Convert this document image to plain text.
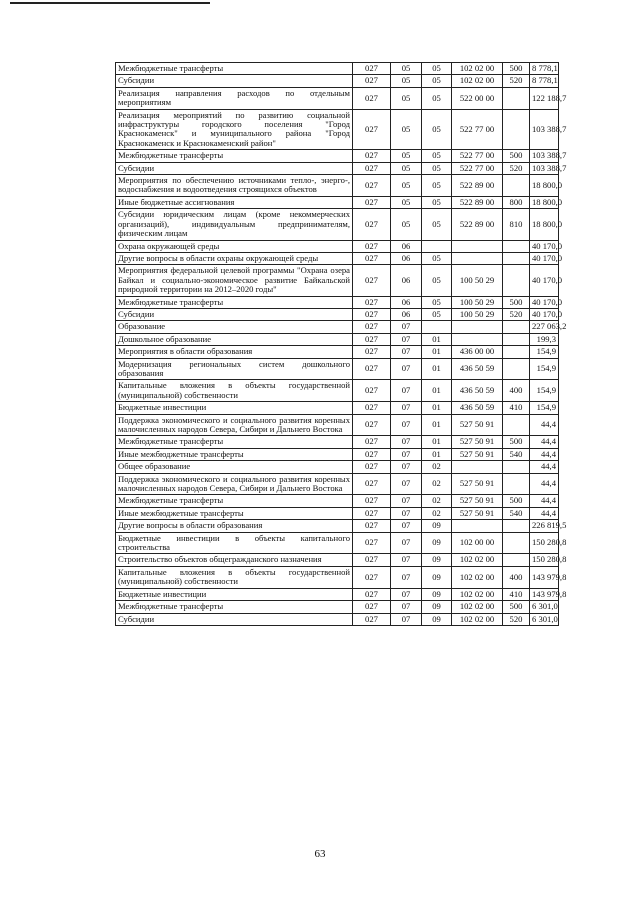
Межбюджетные трансферты	027	05	05	102 02 00	500	8 778,1
Субсидии	027	05	05	102 02 00	520	8 778,1
Реализация направления расходов по отдельным мероприятиям	027	05	05	522 00 00		122 188,7
Реализация мероприятий по развитию социальной инфраструктуры городского поселения "Город Краснокаменск" и муниципального района "Город Краснокаменск и Краснокаменский район"	027	05	05	522 77 00		103 388,7
Межбюджетные трансферты	027	05	05	522 77 00	500	103 388,7
Субсидии	027	05	05	522 77 00	520	103 388,7
Мероприятия по обеспечению источниками тепло-, энерго-, водоснабжения и водоотведения строящихся объектов	027	05	05	522 89 00		18 800,0
Иные бюджетные ассигнования	027	05	05	522 89 00	800	18 800,0
Субсидии юридическим лицам (кроме некоммерческих организаций), индивидуальным предпринимателям, физическим лицам	027	05	05	522 89 00	810	18 800,0
Охрана окружающей среды	027	06				40 170,0
Другие вопросы в области охраны окружающей среды	027	06	05			40 170,0
Мероприятия федеральной целевой программы "Охрана озера Байкал и социально-экономическое развитие Байкальской природной территории на 2012–2020 годы"	027	06	05	100 50 29		40 170,0
Межбюджетные трансферты	027	06	05	100 50 29	500	40 170,0
Субсидии	027	06	05	100 50 29	520	40 170,0
Образование	027	07				227 063,2
Дошкольное образование	027	07	01			199,3
Мероприятия в области образования	027	07	01	436 00 00		154,9
Модернизация региональных систем дошкольного образования	027	07	01	436 50 59		154,9
Капитальные вложения в объекты государственной (муниципальной) собственности	027	07	01	436 50 59	400	154,9
Бюджетные инвестиции	027	07	01	436 50 59	410	154,9
Поддержка экономического и социального развития коренных малочисленных народов Севера, Сибири и Дальнего Востока	027	07	01	527 50 91		44,4
Межбюджетные трансферты	027	07	01	527 50 91	500	44,4
Иные межбюджетные трансферты	027	07	01	527 50 91	540	44,4
Общее образование	027	07	02			44,4
Поддержка экономического и социального развития коренных малочисленных народов Севера, Сибири и Дальнего Востока	027	07	02	527 50 91		44,4
Межбюджетные трансферты	027	07	02	527 50 91	500	44,4
Иные межбюджетные трансферты	027	07	02	527 50 91	540	44,4
Другие вопросы в области образования	027	07	09			226 819,5
Бюджетные инвестиции в объекты капитального строительства	027	07	09	102 00 00		150 280,8
Строительство объектов общегражданского назначения	027	07	09	102 02 00		150 280,8
Капитальные вложения в объекты государственной (муниципальной) собственности	027	07	09	102 02 00	400	143 979,8
Бюджетные инвестиции	027	07	09	102 02 00	410	143 979,8
Межбюджетные трансферты	027	07	09	102 02 00	500	6 301,0
Субсидии	027	07	09	102 02 00	520	6 301,0
63
